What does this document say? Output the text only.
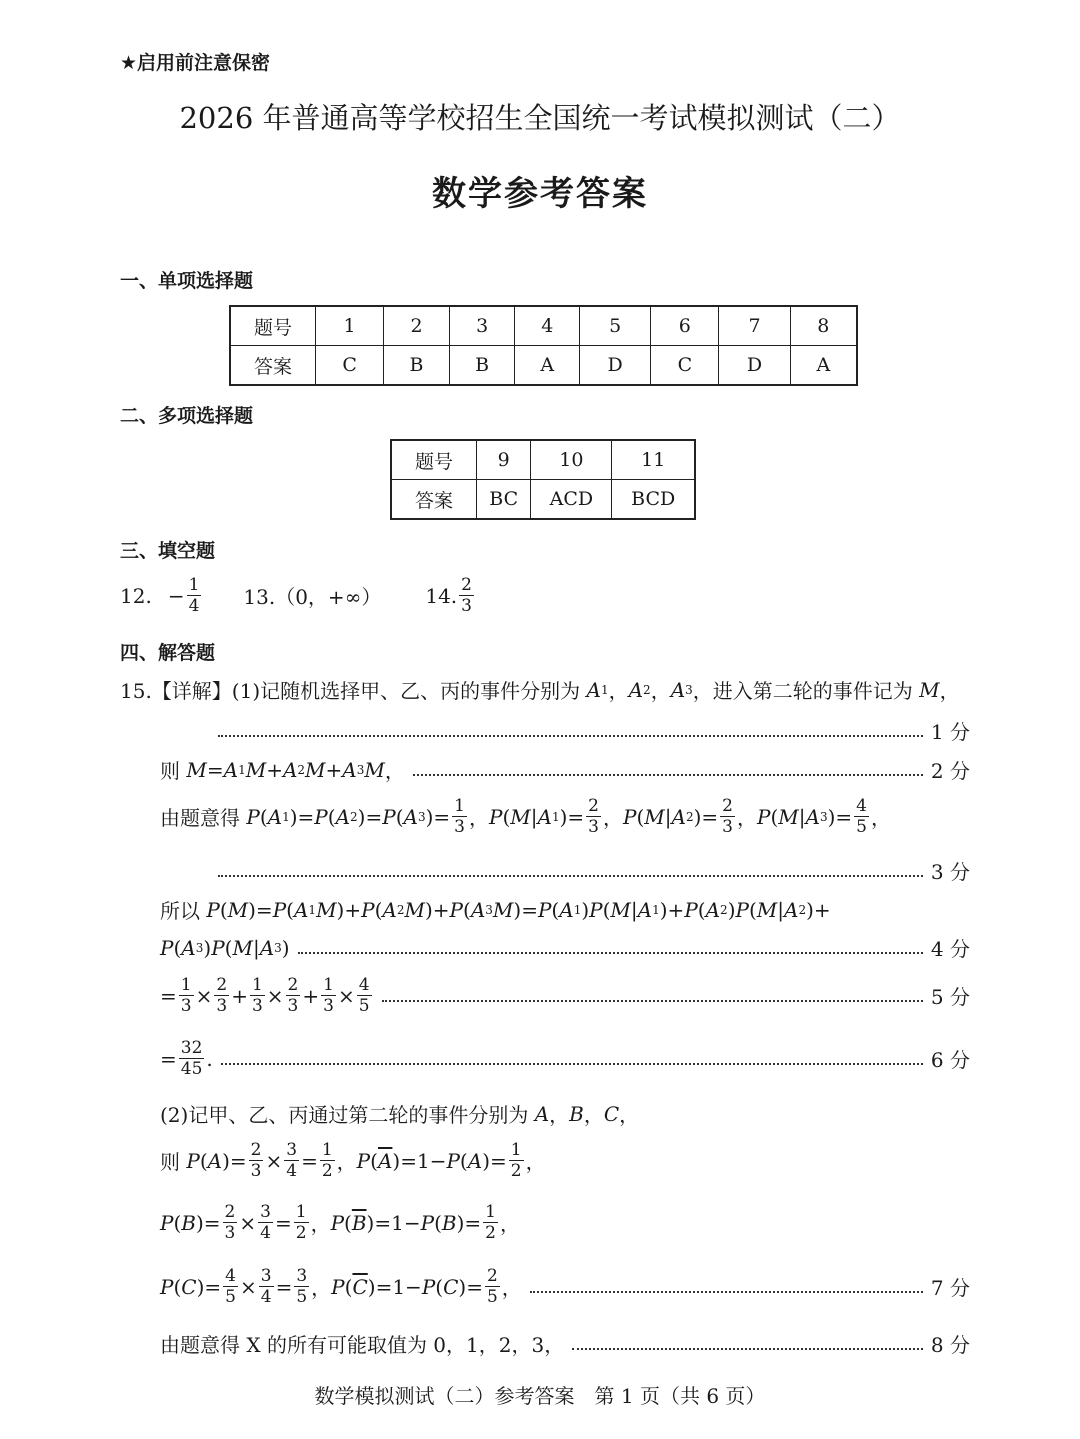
★启用前注意保密
2026 年普通高等学校招生全国统一考试模拟测试（二）
数学参考答案
一、单项选择题
题号	1	2	3	4	5	6	7	8
答案	C	B	B	A	D	C	D	A
二、多项选择题
题号	9	10	11
答案	BC	ACD	BCD
三、填空题
12. − $\frac{1}{4} 13.(0$，+∞） 14. 2
3
四、解答题
15.【详解】(1)记随机选择甲、乙、丙的事件分别为
A 1 ， A 2 ， A 3 ，进入第二轮的事件记为
M ，
1 分
则
M = A 1 M + A 2 M + A 3 M ，	2 分
由题意得
P ( A 1 )= P ( A 2 )= P ( A 3 )= 1
3 ， P ( M | A 1 )= 2
3 ， P ( M | A 2 )= 2
3 ， P ( M | A 3 )= 4
5 ，
3 分
所以
P ( M )= P ( A 1 M )+ P ( A 2 M )+ P ( A 3 M )= P ( A 1 ) P ( M | A 1 )+ P ( A 2 ) P ( M | A 2 )+
P ( A 3 ) P ( M | A 3 )	4 分
= 1
3 × 2
3 + 1
3 × 2
3 + 1
3 × 4
5	5 分
= 32
45 .	6 分
(2)记甲、乙、丙通过第二轮的事件分别为
A ， B ， C ，
则
P ( A )= 2
3 × 3
4 = 1
2 ， P ( $\overline{A}$ )=1− P ( A )= 1
2 ，
P ( B )= 2
3 × 3
4 = 1
2 ， P ( $\overline{B}$ )=1− P ( B )= 1
2 ，
P ( C )= 4
5 × 3
4 = 3
5 ， P ( $\overline{C}$ )=1− P ( C )= 2
5 ，	7 分
由题意得 X 的所有可能取值为 0，1，2，3，	8 分
数学模拟测试（二）参考答案　第 1 页（共 6 页）
